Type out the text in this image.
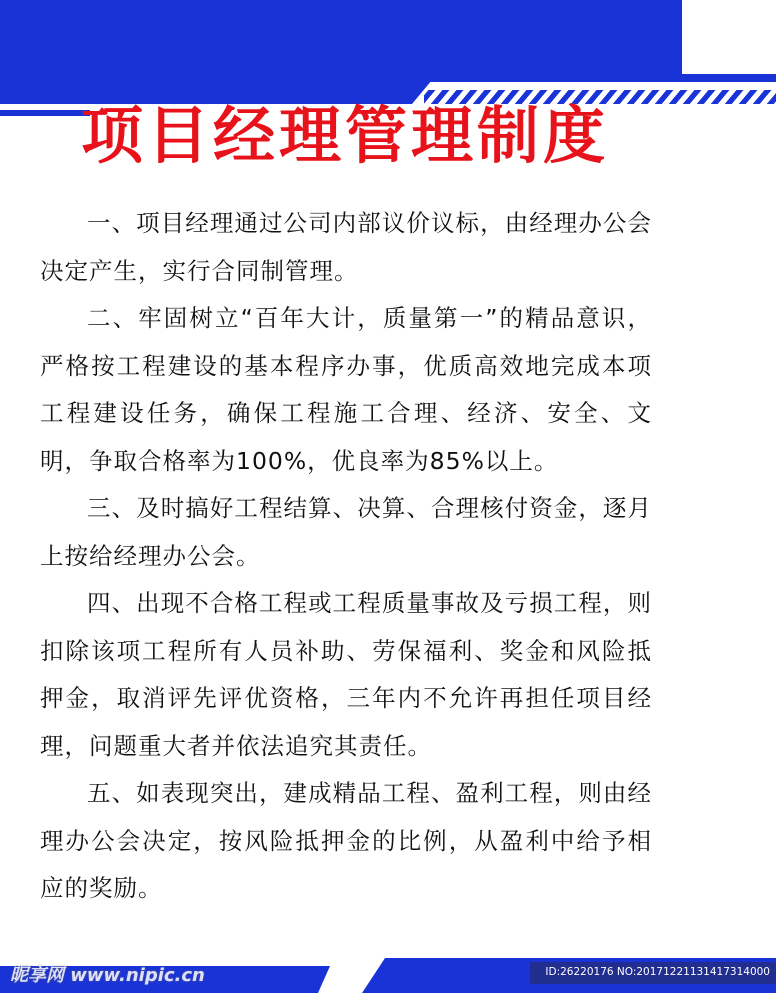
项目经理管理制度

一、项目经理通过公司内部议价议标，由经理办公会决定产生，实行合同制管理。

二、牢固树立“百年大计，质量第一”的精品意识，严格按工程建设的基本程序办事，优质高效地完成本项工程建设任务，确保工程施工合理、经济、安全、文明，争取合格率为100%，优良率为85%以上。

三、及时搞好工程结算、决算、合理核付资金，逐月上按给经理办公会。

四、出现不合格工程或工程质量事故及亏损工程，则扣除该项工程所有人员补助、劳保福利、奖金和风险抵押金，取消评先评优资格，三年内不允许再担任项目经理，问题重大者并依法追究其责任。

五、如表现突出，建成精品工程、盈利工程，则由经理办公会决定，按风险抵押金的比例，从盈利中给予相应的奖励。

昵享网 www.nipic.cn	ID:26220176 NO:20171221131417314000
